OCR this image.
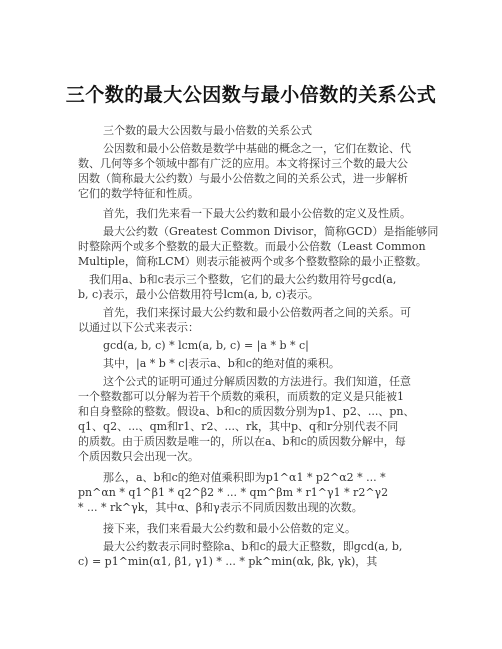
三个数的最大公因数与最小倍数的关系公式
三个数的最大公因数与最小倍数的关系公式
公因数和最小公倍数是数学中基础的概念之一，它们在数论、代
数、几何等多个领域中都有广泛的应用。本文将探讨三个数的最大公
因数（简称最大公约数）与最小公倍数之间的关系公式，进一步解析
它们的数学特征和性质。
首先，我们先来看一下最大公约数和最小公倍数的定义及性质。
最大公约数（Greatest Common Divisor，简称GCD）是指能够同
时整除两个或多个整数的最大正整数。而最小公倍数（Least Common
Multiple，简称LCM）则表示能被两个或多个整数整除的最小正整数。
我们用a、b和c表示三个整数，它们的最大公约数用符号gcd(a,
b, c)表示，最小公倍数用符号lcm(a, b, c)表示。
首先，我们来探讨最大公约数和最小公倍数两者之间的关系。可
以通过以下公式来表示：
gcd(a, b, c) * lcm(a, b, c) = |a * b * c|
其中，|a * b * c|表示a、b和c的绝对值的乘积。
这个公式的证明可通过分解质因数的方法进行。我们知道，任意
一个整数都可以分解为若干个质数的乘积，而质数的定义是只能被1
和自身整除的整数。假设a、b和c的质因数分别为p1、p2、...、pn、
q1、q2、...、qm和r1、r2、...、rk，其中p、q和r分别代表不同
的质数。由于质因数是唯一的，所以在a、b和c的质因数分解中，每
个质因数只会出现一次。
那么，a、b和c的绝对值乘积即为p1^α1 * p2^α2 * ... *
pn^αn * q1^β1 * q2^β2 * ... * qm^βm * r1^γ1 * r2^γ2
* ... * rk^γk，其中α、β和γ表示不同质因数出现的次数。
接下来，我们来看最大公约数和最小公倍数的定义。
最大公约数表示同时整除a、b和c的最大正整数，即gcd(a, b,
c) = p1^min(α1, β1, γ1) * ... * pk^min(αk, βk, γk)，其
